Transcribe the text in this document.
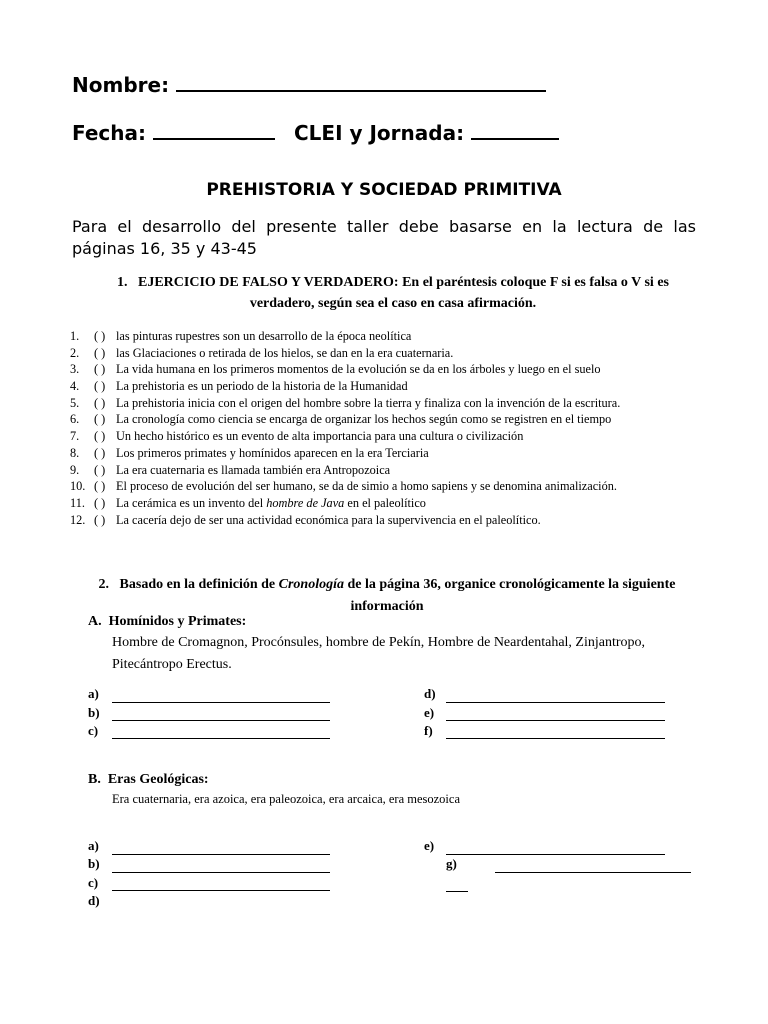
Nombre:
Fecha:	CLEI y Jornada:
PREHISTORIA Y SOCIEDAD PRIMITIVA
Para el desarrollo del presente taller debe basarse en la lectura de las páginas 16, 35 y 43-45
1. EJERCICIO DE FALSO Y VERDADERO: En el paréntesis coloque F si es falsa o V si es verdadero, según sea el caso en casa afirmación.
1. ( ) las pinturas rupestres son un desarrollo de la época neolítica
2. ( ) las Glaciaciones o retirada de los hielos, se dan en la era cuaternaria.
3. ( ) La vida humana en los primeros momentos de la evolución se da en los árboles y luego en el suelo
4. ( ) La prehistoria es un periodo de la historia de la Humanidad
5. ( ) La prehistoria inicia con el origen del hombre sobre la tierra y finaliza con la invención de la escritura.
6. ( ) La cronología como ciencia se encarga de organizar los hechos según como se registren en el tiempo
7. ( ) Un hecho histórico es un evento de alta importancia para una cultura o civilización
8. ( ) Los primeros primates y homínidos aparecen en la era Terciaria
9. ( ) La era cuaternaria es llamada también era Antropozoica
10. ( ) El proceso de evolución del ser humano, se da de simio a homo sapiens y se denomina animalización.
11. ( ) La cerámica es un invento del hombre de Java en el paleolítico
12. ( ) La cacería dejo de ser una actividad económica para la supervivencia en el paleolítico.
2. Basado en la definición de Cronología de la página 36, organice cronológicamente la siguiente información
A. Homínidos y Primates:
Hombre de Cromagnon, Procónsules, hombre de Pekín, Hombre de Neardentahal, Zinjantropo, Pitecántropo Erectus.
a)
b)
c)
d)
e)
f)
B. Eras Geológicas:
Era cuaternaria, era azoica, era paleozoica, era arcaica, era mesozoica
a)
b)
c)
d)
e)
g)
